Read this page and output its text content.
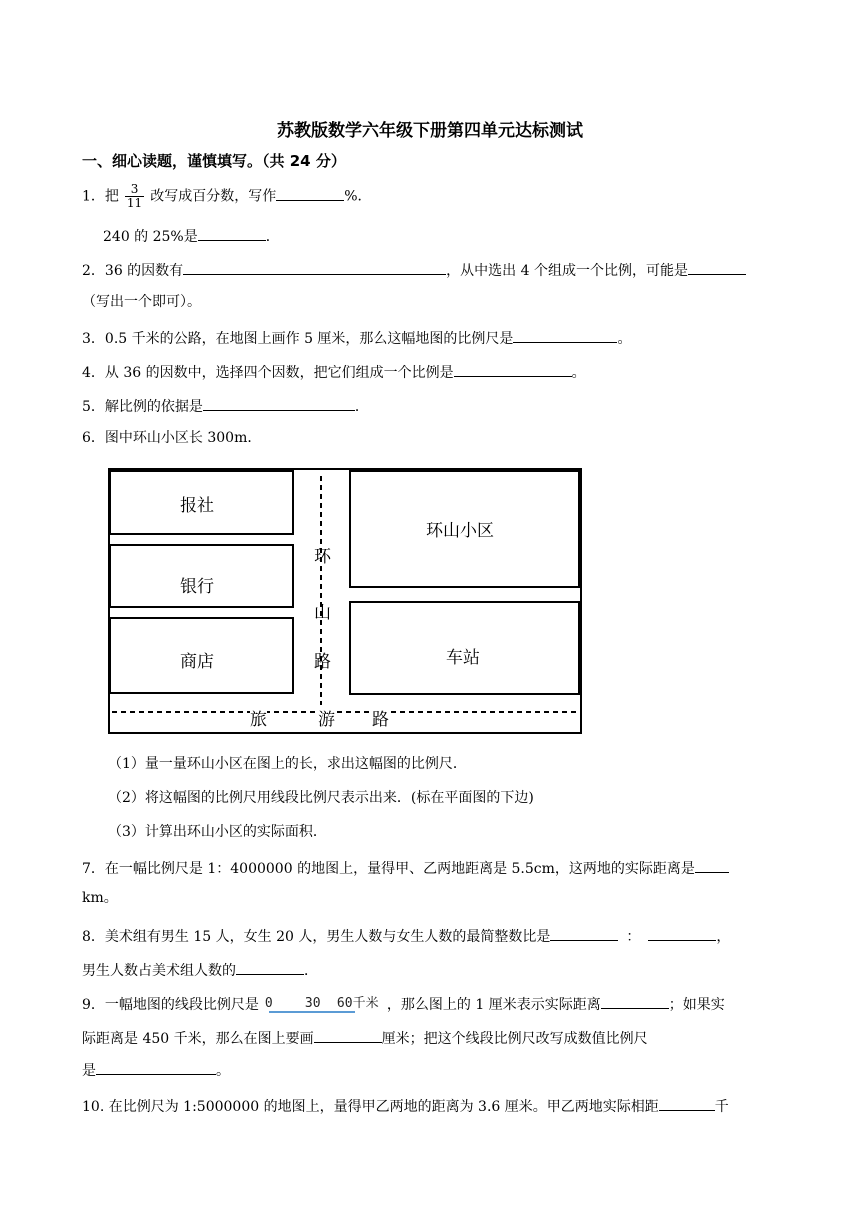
苏教版数学六年级下册第四单元达标测试
一、细心读题，谨慎填写。（共 24 分）
1．把 $\frac{3}{11}$ 改写成百分数，写作	%．
240 的 25%是	．
2．36 的因数有	，从中选出 4 个组成一个比例，可能是
（写出一个即可）。
3．0.5 千米的公路，在地图上画作 5 厘米，那么这幅地图的比例尺是	。
4．从 36 的因数中，选择四个因数，把它们组成一个比例是	。
5．解比例的依据是	．
6．图中环山小区长 300m．
报社
银行
商店
环山小区
车站
环
山
路
旅	游 路
（1）量一量环山小区在图上的长，求出这幅图的比例尺．
（2）将这幅图的比例尺用线段比例尺表示出来．(标在平面图的下边)
（3）计算出环山小区的实际面积．
7．在一幅比例尺是 1：4000000 的地图上，量得甲、乙两地距离是 5.5cm，这两地的实际距离是
km。
8．美术组有男生 15 人，女生 20 人，男生人数与女生人数的最简整数比是	：	，
男生人数占美术组人数的	．
9．一幅地图的线段比例尺是 0 30 60千米 ，那么图上的 1 厘米表示实际距离	；如果实
际距离是 450 千米，那么在图上要画	厘米；把这个线段比例尺改写成数值比例尺
是	。
10. 在比例尺为 1:5000000 的地图上，量得甲乙两地的距离为 3.6 厘米。甲乙两地实际相距	千
